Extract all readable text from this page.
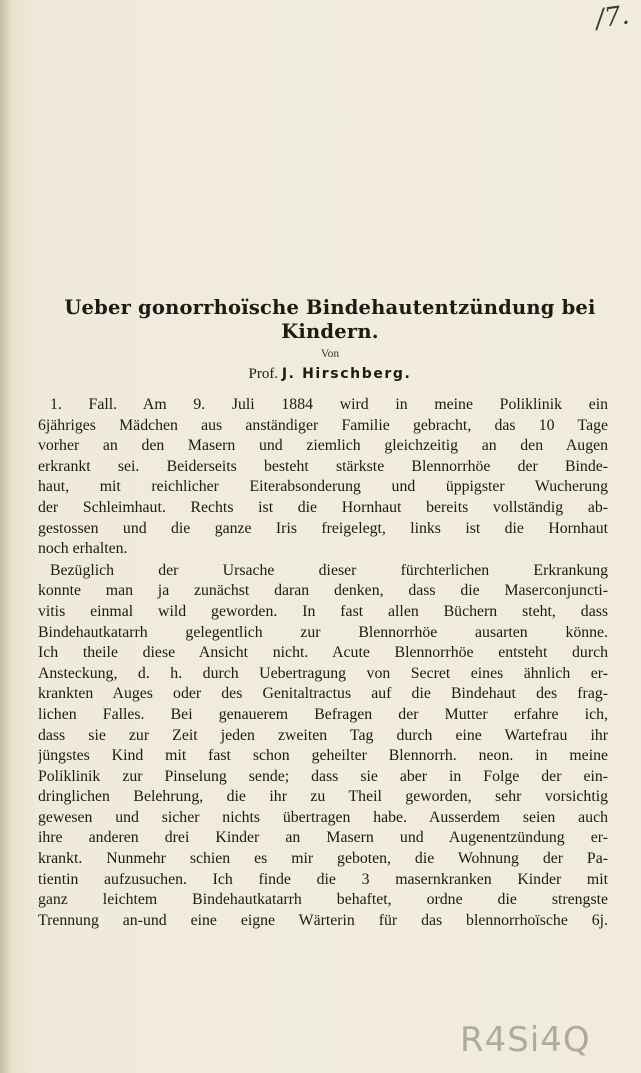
/7.
Ueber gonorrhoïsche Bindehautentzündung bei
Kindern.
Von
Prof. J. Hirschberg.
1. Fall. Am 9. Juli 1884 wird in meine Poliklinik ein
6jähriges Mädchen aus anständiger Familie gebracht, das 10 Tage
vorher an den Masern und ziemlich gleichzeitig an den Augen
erkrankt sei. Beiderseits besteht stärkste Blennorrhöe der Binde-
haut, mit reichlicher Eiterabsonderung und üppigster Wucherung
der Schleimhaut. Rechts ist die Hornhaut bereits vollständig ab-
gestossen und die ganze Iris freigelegt, links ist die Hornhaut
noch erhalten.
Bezüglich der Ursache dieser fürchterlichen Erkrankung
konnte man ja zunächst daran denken, dass die Maserconjuncti-
vitis einmal wild geworden. In fast allen Büchern steht, dass
Bindehautkatarrh gelegentlich zur Blennorrhöe ausarten könne.
Ich theile diese Ansicht nicht. Acute Blennorrhöe entsteht durch
Ansteckung, d. h. durch Uebertragung von Secret eines ähnlich er-
krankten Auges oder des Genitaltractus auf die Bindehaut des frag-
lichen Falles. Bei genauerem Befragen der Mutter erfahre ich,
dass sie zur Zeit jeden zweiten Tag durch eine Wartefrau ihr
jüngstes Kind mit fast schon geheilter Blennorrh. neon. in meine
Poliklinik zur Pinselung sende; dass sie aber in Folge der ein-
dringlichen Belehrung, die ihr zu Theil geworden, sehr vorsichtig
gewesen und sicher nichts übertragen habe. Ausserdem seien auch
ihre anderen drei Kinder an Masern und Augenentzündung er-
krankt. Nunmehr schien es mir geboten, die Wohnung der Pa-
tientin aufzusuchen. Ich finde die 3 masernkranken Kinder mit
ganz leichtem Bindehautkatarrh behaftet, ordne die strengste
Trennung an-und eine eigne Wärterin für das blennorrhoïsche 6j.
R4Si4Q
